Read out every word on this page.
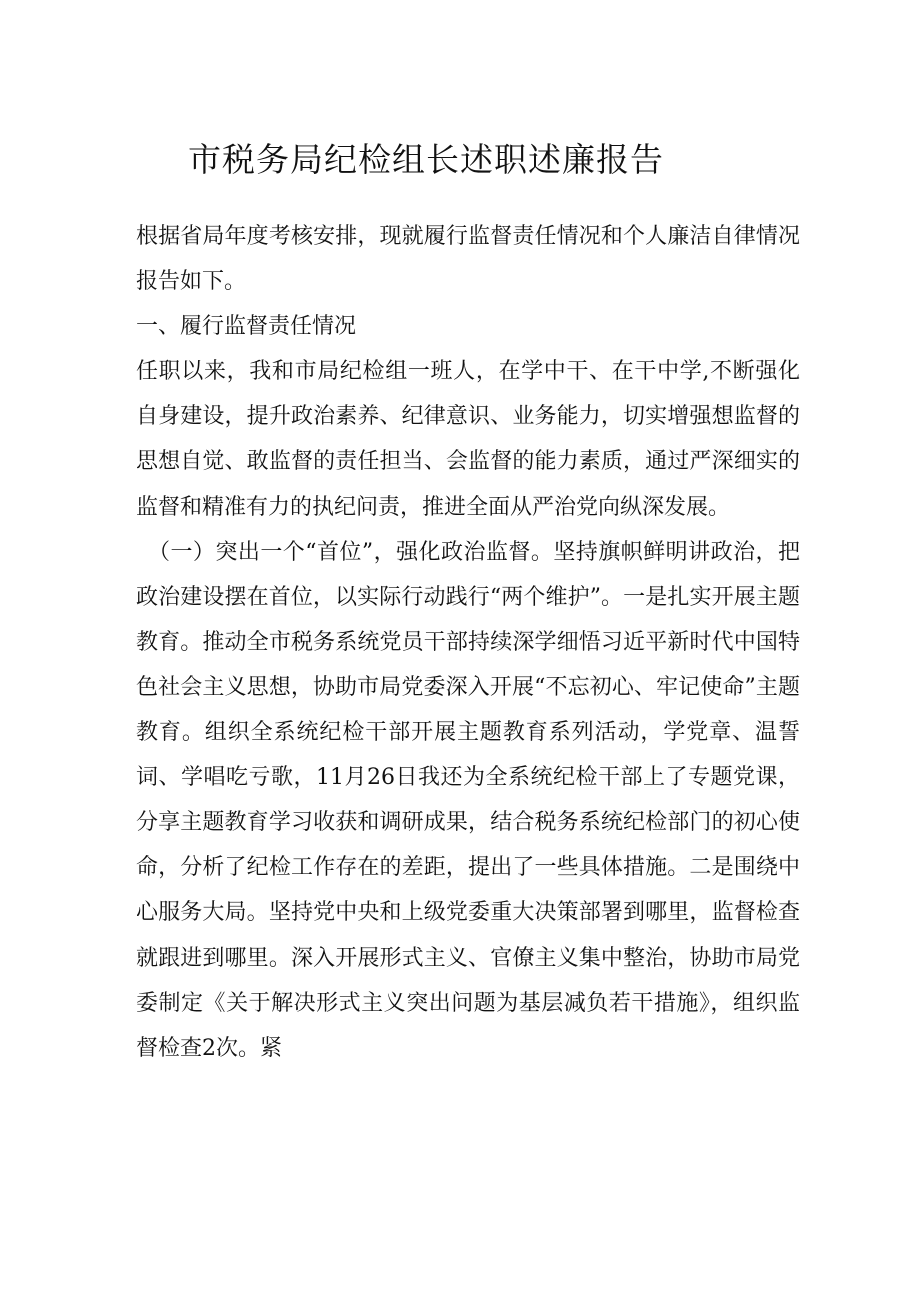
市税务局纪检组长述职述廉报告

根据省局年度考核安排，现就履行监督责任情况和个人廉洁自律情况报告如下。

一、履行监督责任情况

任职以来，我和市局纪检组一班人，在学中干、在干中学,不断强化自身建设，提升政治素养、纪律意识、业务能力，切实增强想监督的思想自觉、敢监督的责任担当、会监督的能力素质，通过严深细实的监督和精准有力的执纪问责，推进全面从严治党向纵深发展。

（一）突出一个“首位”，强化政治监督。坚持旗帜鲜明讲政治，把政治建设摆在首位，以实际行动践行“两个维护”。一是扎实开展主题教育。推动全市税务系统党员干部持续深学细悟习近平新时代中国特色社会主义思想，协助市局党委深入开展“不忘初心、牢记使命”主题教育。组织全系统纪检干部开展主题教育系列活动，学党章、温誓词、学唱吃亏歌，11月26日我还为全系统纪检干部上了专题党课，分享主题教育学习收获和调研成果，结合税务系统纪检部门的初心使命，分析了纪检工作存在的差距，提出了一些具体措施。二是围绕中心服务大局。坚持党中央和上级党委重大决策部署到哪里，监督检查就跟进到哪里。深入开展形式主义、官僚主义集中整治，协助市局党委制定《关于解决形式主义突出问题为基层减负若干措施》，组织监督检查2次。紧
